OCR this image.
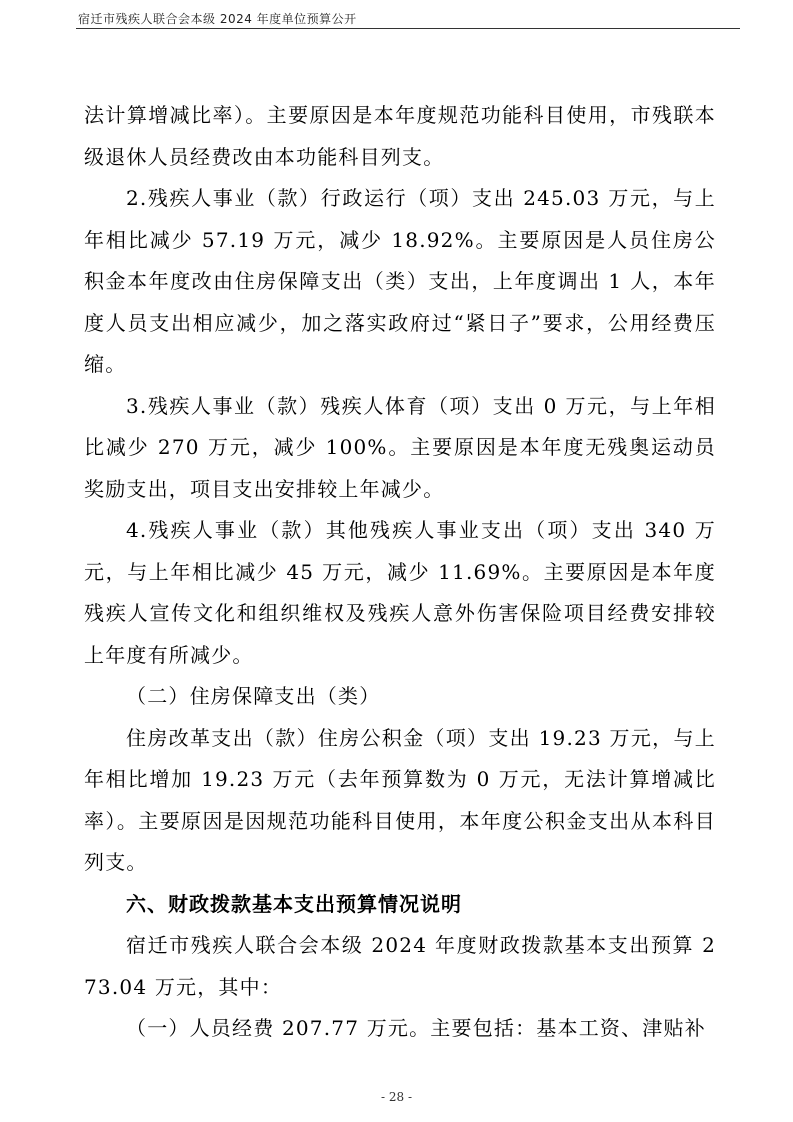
宿迁市残疾人联合会本级 2024 年度单位预算公开

法计算增减比率）。主要原因是本年度规范功能科目使用，市残联本级退休人员经费改由本功能科目列支。

2.残疾人事业（款）行政运行（项）支出 245.03 万元，与上年相比减少 57.19 万元，减少 18.92%。主要原因是人员住房公积金本年度改由住房保障支出（类）支出，上年度调出 1 人，本年度人员支出相应减少，加之落实政府过“紧日子”要求，公用经费压缩。

3.残疾人事业（款）残疾人体育（项）支出 0 万元，与上年相比减少 270 万元，减少 100%。主要原因是本年度无残奥运动员奖励支出，项目支出安排较上年减少。

4.残疾人事业（款）其他残疾人事业支出（项）支出 340 万元，与上年相比减少 45 万元，减少 11.69%。主要原因是本年度残疾人宣传文化和组织维权及残疾人意外伤害保险项目经费安排较上年度有所减少。

（二）住房保障支出（类）

住房改革支出（款）住房公积金（项）支出 19.23 万元，与上年相比增加 19.23 万元（去年预算数为 0 万元，无法计算增减比率）。主要原因是因规范功能科目使用，本年度公积金支出从本科目列支。

六、财政拨款基本支出预算情况说明

宿迁市残疾人联合会本级 2024 年度财政拨款基本支出预算 273.04 万元，其中：

（一）人员经费 207.77 万元。主要包括：基本工资、津贴补

- 28 -
